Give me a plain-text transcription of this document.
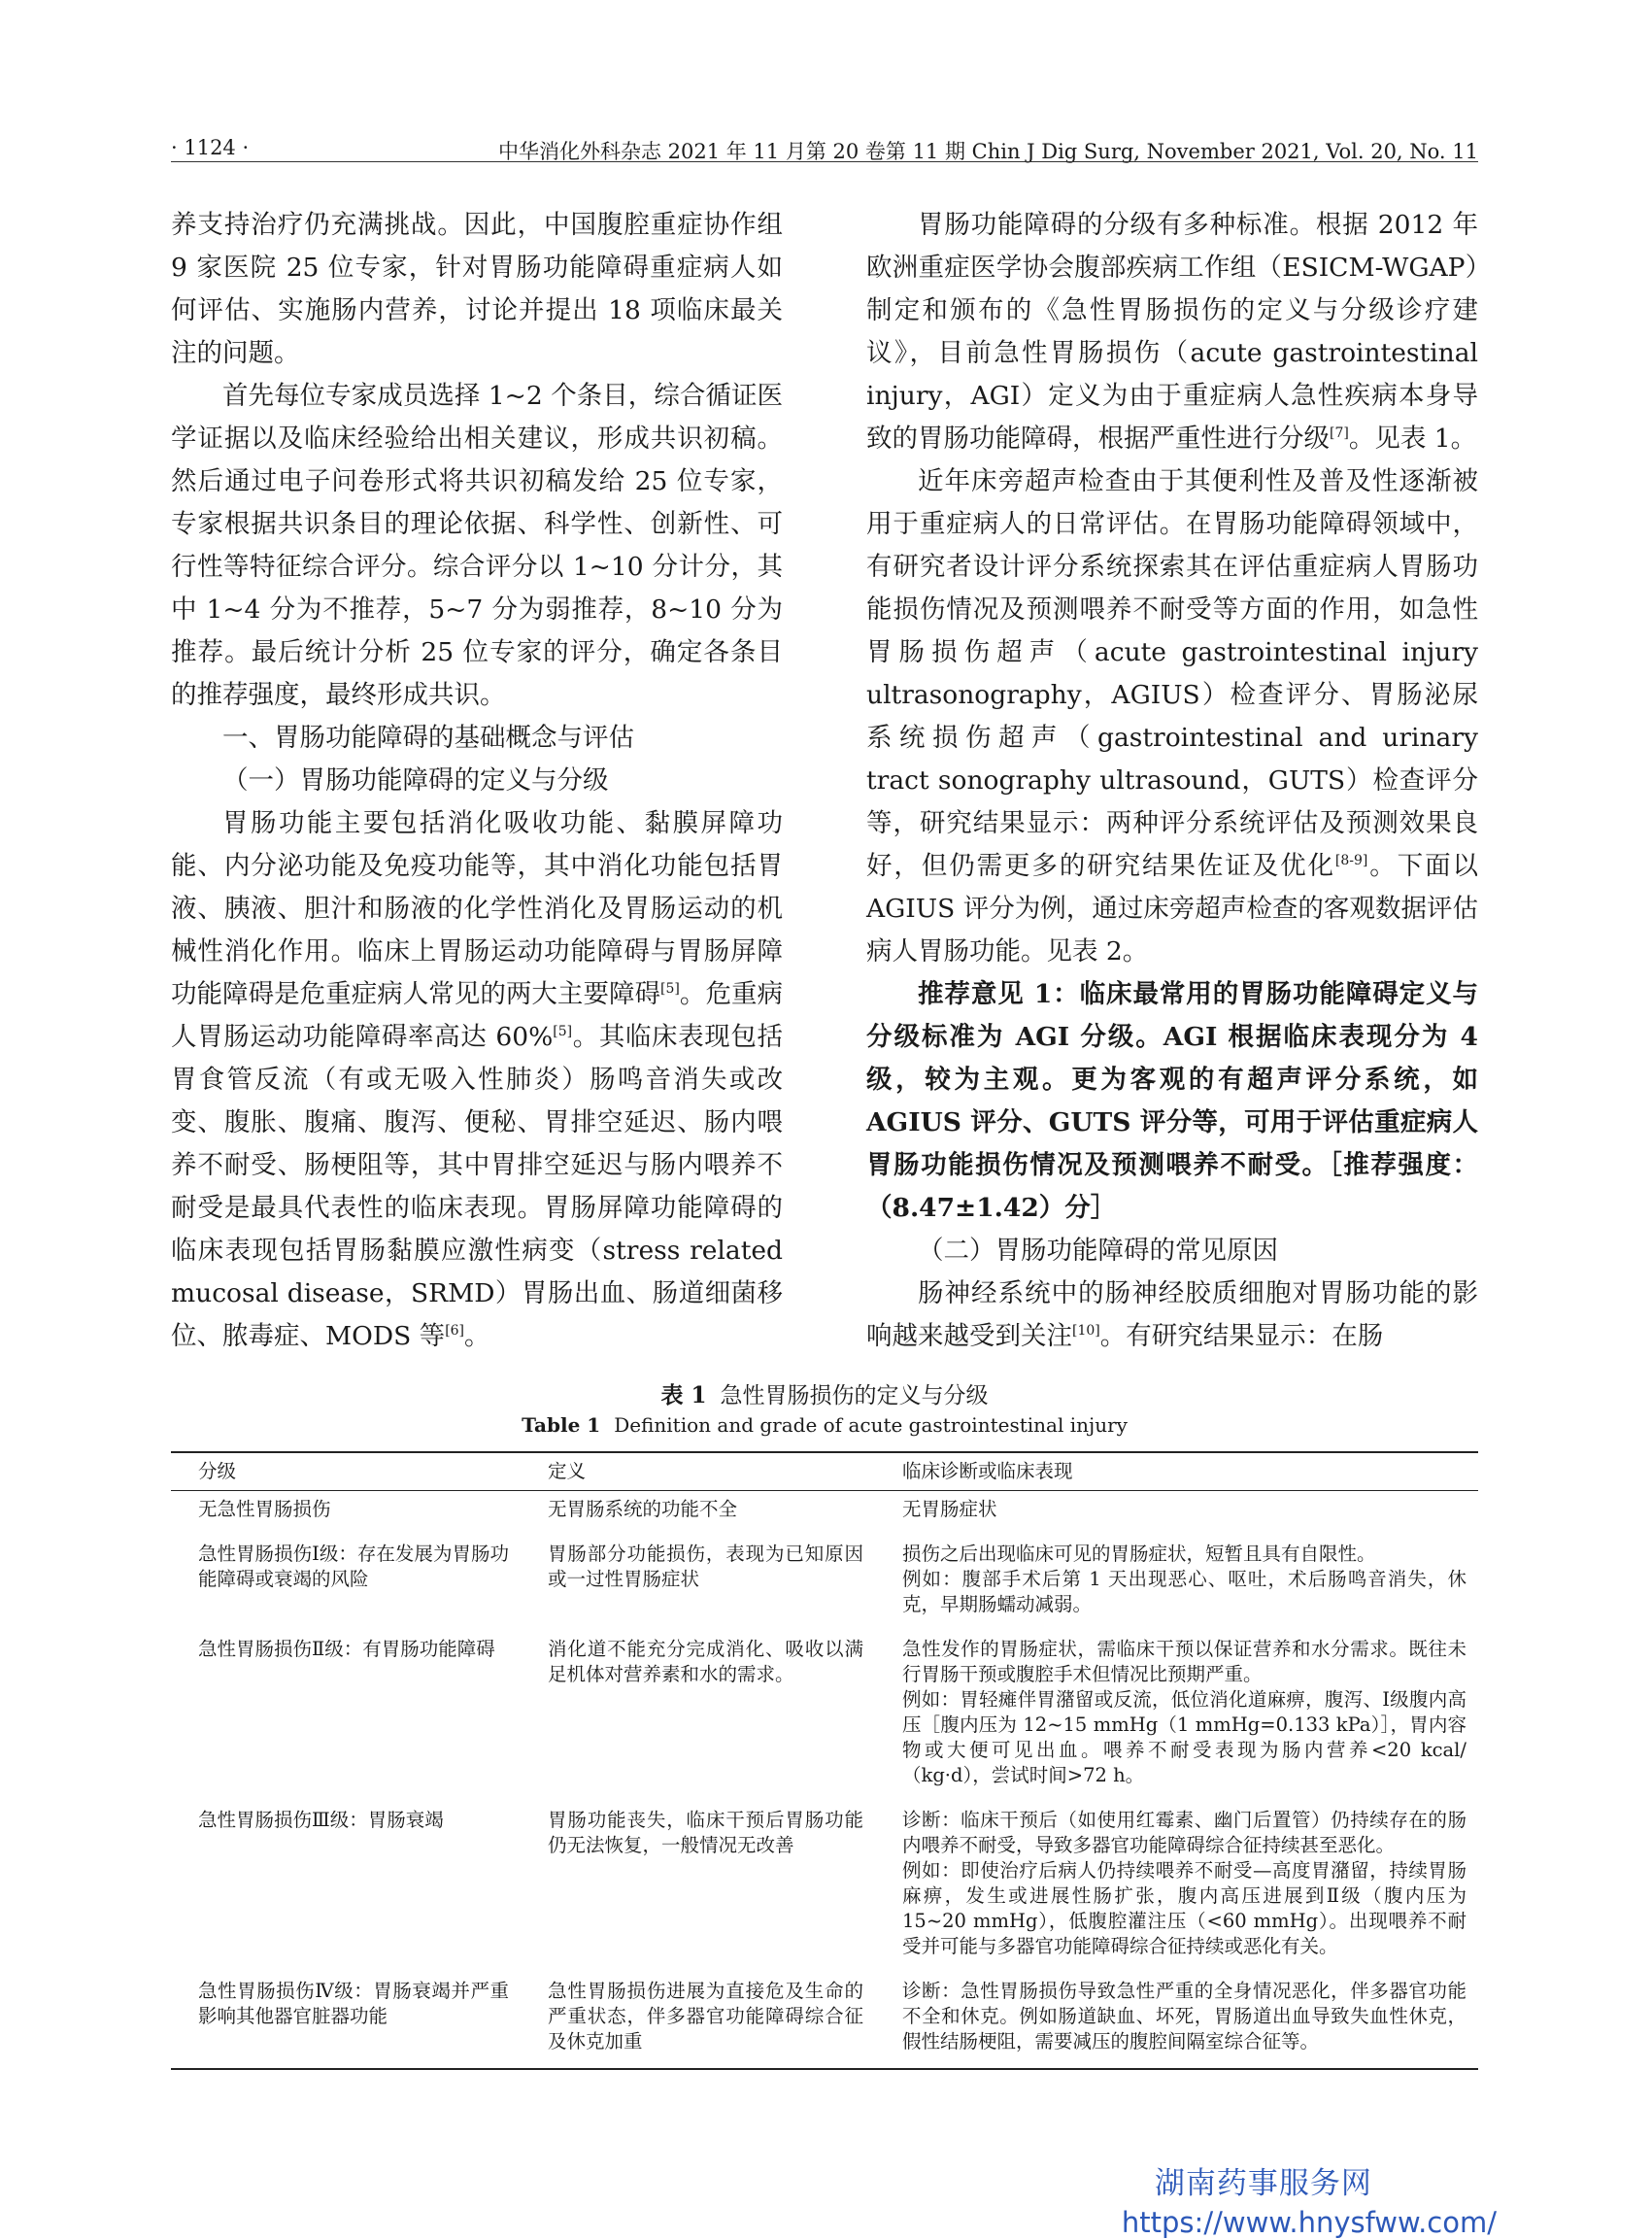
· 1124 ·	中华消化外科杂志 2021 年 11 月第 20 卷第 11 期 Chin J Dig Surg, November 2021, Vol. 20, No. 11

养支持治疗仍充满挑战。因此，中国腹腔重症协作组 9 家医院 25 位专家，针对胃肠功能障碍重症病人如何评估、实施肠内营养，讨论并提出 18 项临床最关注的问题。

首先每位专家成员选择 1~2 个条目，综合循证医学证据以及临床经验给出相关建议，形成共识初稿。然后通过电子问卷形式将共识初稿发给 25 位专家，专家根据共识条目的理论依据、科学性、创新性、可行性等特征综合评分。综合评分以 1~10 分计分，其中 1~4 分为不推荐，5~7 分为弱推荐，8~10 分为推荐。最后统计分析 25 位专家的评分，确定各条目的推荐强度，最终形成共识。

一、胃肠功能障碍的基础概念与评估

（一）胃肠功能障碍的定义与分级

胃肠功能主要包括消化吸收功能、黏膜屏障功能、内分泌功能及免疫功能等，其中消化功能包括胃液、胰液、胆汁和肠液的化学性消化及胃肠运动的机械性消化作用。临床上胃肠运动功能障碍与胃肠屏障功能障碍是危重症病人常见的两大主要障碍[5]。危重病人胃肠运动功能障碍率高达 60%[5]。其临床表现包括胃食管反流（有或无吸入性肺炎）肠鸣音消失或改变、腹胀、腹痛、腹泻、便秘、胃排空延迟、肠内喂养不耐受、肠梗阻等，其中胃排空延迟与肠内喂养不耐受是最具代表性的临床表现。胃肠屏障功能障碍的临床表现包括胃肠黏膜应激性病变（stress related mucosal disease，SRMD）胃肠出血、肠道细菌移位、脓毒症、MODS 等[6]。

胃肠功能障碍的分级有多种标准。根据 2012 年欧洲重症医学协会腹部疾病工作组（ESICM-WGAP）制定和颁布的《急性胃肠损伤的定义与分级诊疗建议》，目前急性胃肠损伤（acute gastrointestinal injury，AGI）定义为由于重症病人急性疾病本身导致的胃肠功能障碍，根据严重性进行分级[7]。见表 1。

近年床旁超声检查由于其便利性及普及性逐渐被用于重症病人的日常评估。在胃肠功能障碍领域中，有研究者设计评分系统探索其在评估重症病人胃肠功能损伤情况及预测喂养不耐受等方面的作用，如急性胃肠损伤超声（acute gastrointestinal injury ultrasonography，AGIUS）检查评分、胃肠泌尿系统损伤超声（gastrointestinal and urinary tract sonography ultrasound，GUTS）检查评分等，研究结果显示：两种评分系统评估及预测效果良好，但仍需更多的研究结果佐证及优化[8-9]。下面以 AGIUS 评分为例，通过床旁超声检查的客观数据评估病人胃肠功能。见表 2。

推荐意见 1：临床最常用的胃肠功能障碍定义与分级标准为 AGI 分级。AGI 根据临床表现分为 4 级，较为主观。更为客观的有超声评分系统，如 AGIUS 评分、GUTS 评分等，可用于评估重症病人胃肠功能损伤情况及预测喂养不耐受。［推荐强度：（8.47±1.42）分］

（二）胃肠功能障碍的常见原因

肠神经系统中的肠神经胶质细胞对胃肠功能的影响越来越受到关注[10]。有研究结果显示：在肠

表 1 急性胃肠损伤的定义与分级
Table 1 Definition and grade of acute gastrointestinal injury
分级	定义	临床诊断或临床表现
无急性胃肠损伤	无胃肠系统的功能不全	无胃肠症状

急性胃肠损伤Ⅰ级：存在发展为胃肠功能障碍或衰竭的风险	胃肠部分功能损伤，表现为已知原因或一过性胃肠症状	损伤之后出现临床可见的胃肠症状，短暂且具有自限性。
例如：腹部手术后第 1 天出现恶心、呕吐，术后肠鸣音消失，休克，早期肠蠕动减弱。

急性胃肠损伤Ⅱ级：有胃肠功能障碍	消化道不能充分完成消化、吸收以满足机体对营养素和水的需求。	急性发作的胃肠症状，需临床干预以保证营养和水分需求。既往未行胃肠干预或腹腔手术但情况比预期严重。
例如：胃轻瘫伴胃潴留或反流，低位消化道麻痹，腹泻、Ⅰ级腹内高压［腹内压为 12~15 mmHg（1 mmHg=0.133 kPa）］，胃内容物或大便可见出血。喂养不耐受表现为肠内营养<20 kcal/（kg·d），尝试时间>72 h。

急性胃肠损伤Ⅲ级：胃肠衰竭	胃肠功能丧失，临床干预后胃肠功能仍无法恢复，一般情况无改善	诊断：临床干预后（如使用红霉素、幽门后置管）仍持续存在的肠内喂养不耐受，导致多器官功能障碍综合征持续甚至恶化。
例如：即使治疗后病人仍持续喂养不耐受—高度胃潴留，持续胃肠麻痹，发生或进展性肠扩张，腹内高压进展到Ⅱ级（腹内压为 15~20 mmHg），低腹腔灌注压（<60 mmHg）。出现喂养不耐受并可能与多器官功能障碍综合征持续或恶化有关。

急性胃肠损伤Ⅳ级：胃肠衰竭并严重影响其他器官脏器功能	急性胃肠损伤进展为直接危及生命的严重状态，伴多器官功能障碍综合征及休克加重	诊断：急性胃肠损伤导致急性严重的全身情况恶化，伴多器官功能不全和休克。例如肠道缺血、坏死，胃肠道出血导致失血性休克，假性结肠梗阻，需要减压的腹腔间隔室综合征等。
湖南药事服务网
https://www.hnysfww.com/
